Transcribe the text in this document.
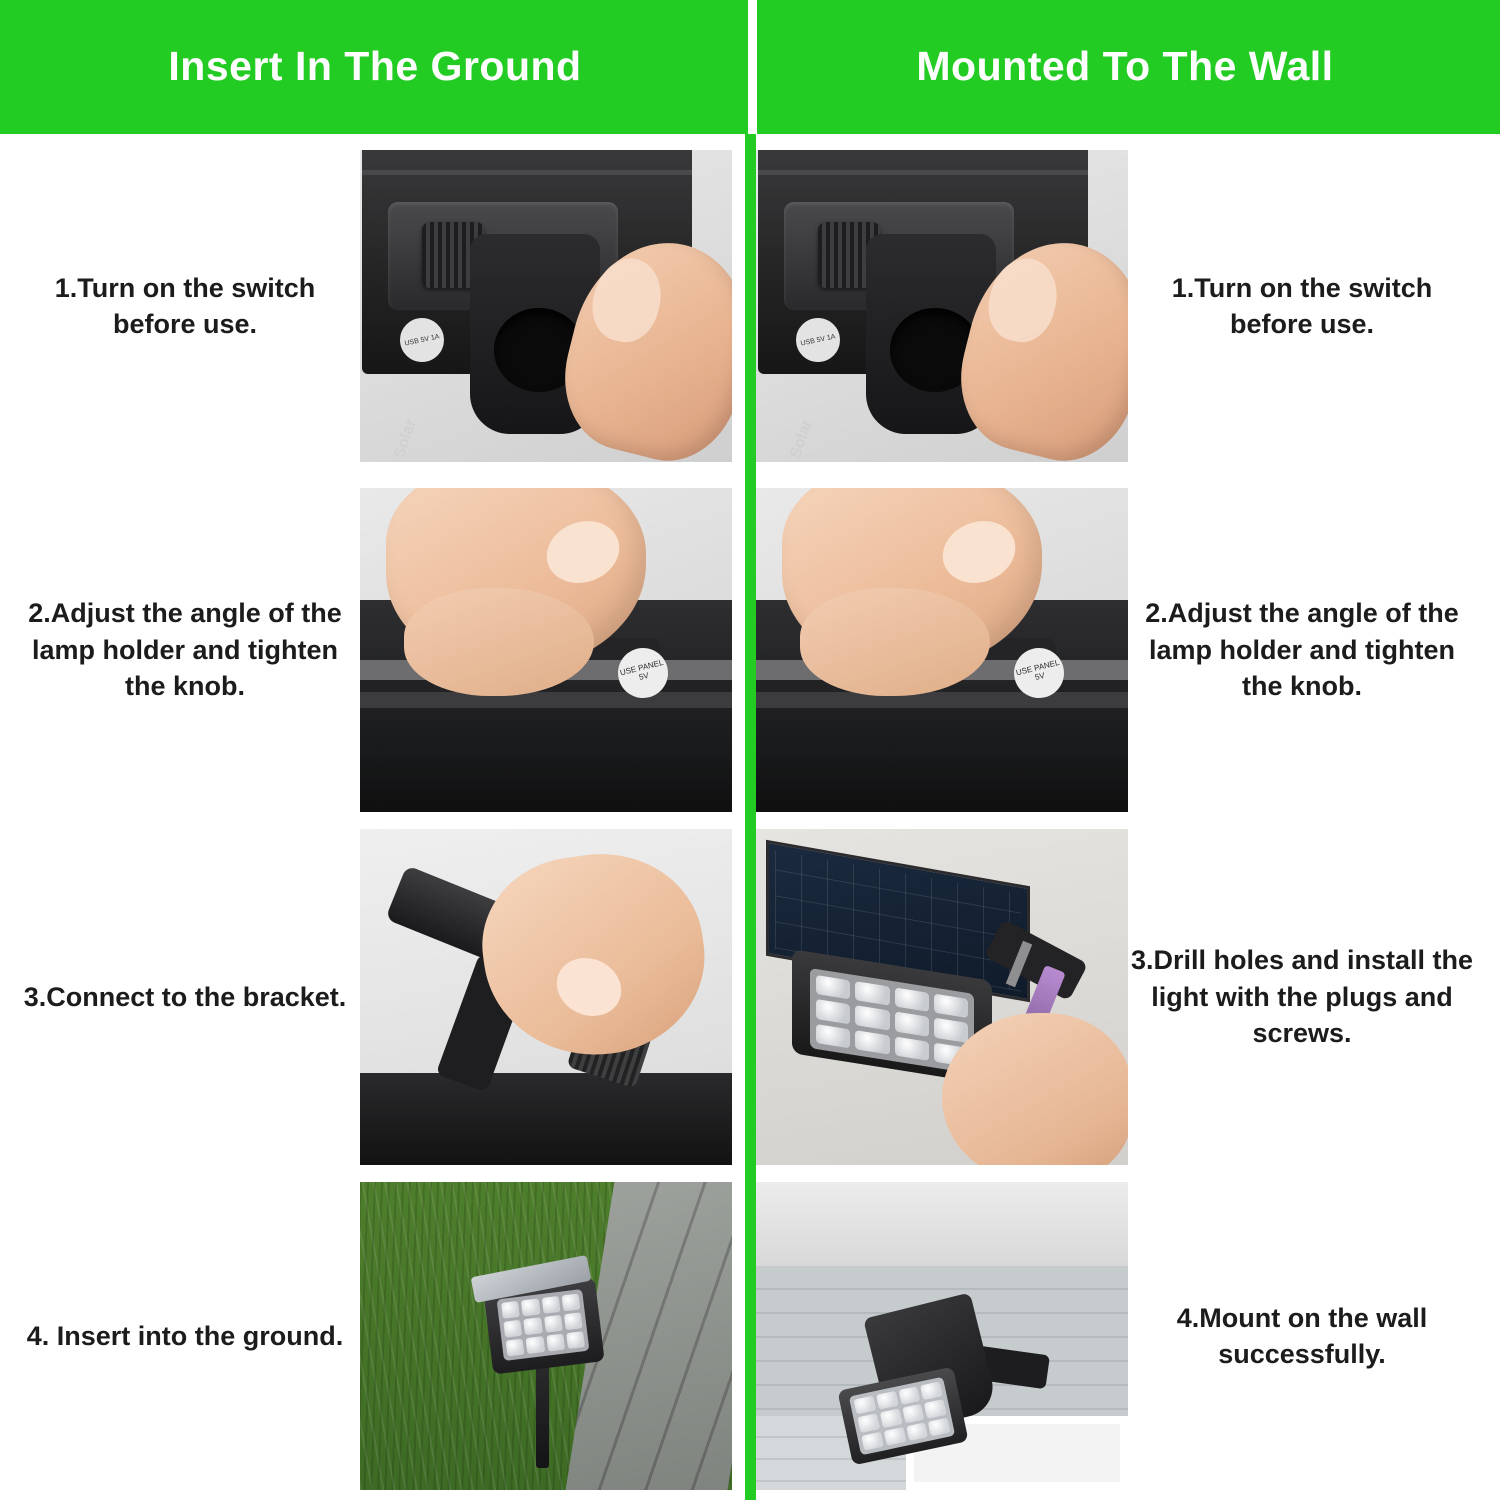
Insert In The Ground	Mounted To The Wall
1.Turn on the switch before use.
USB 5V 1A
Solar
USB 5V 1A
Solar
1.Turn on the switch before use.
2.Adjust the angle of the lamp holder and tighten the knob.
USE PANEL 5V	USE PANEL 5V
2.Adjust the angle of the lamp holder and tighten the knob.
3.Connect to the bracket.
3.Drill holes and install the light with the plugs and screws.
4. Insert into the ground.
4.Mount on the wall successfully.
